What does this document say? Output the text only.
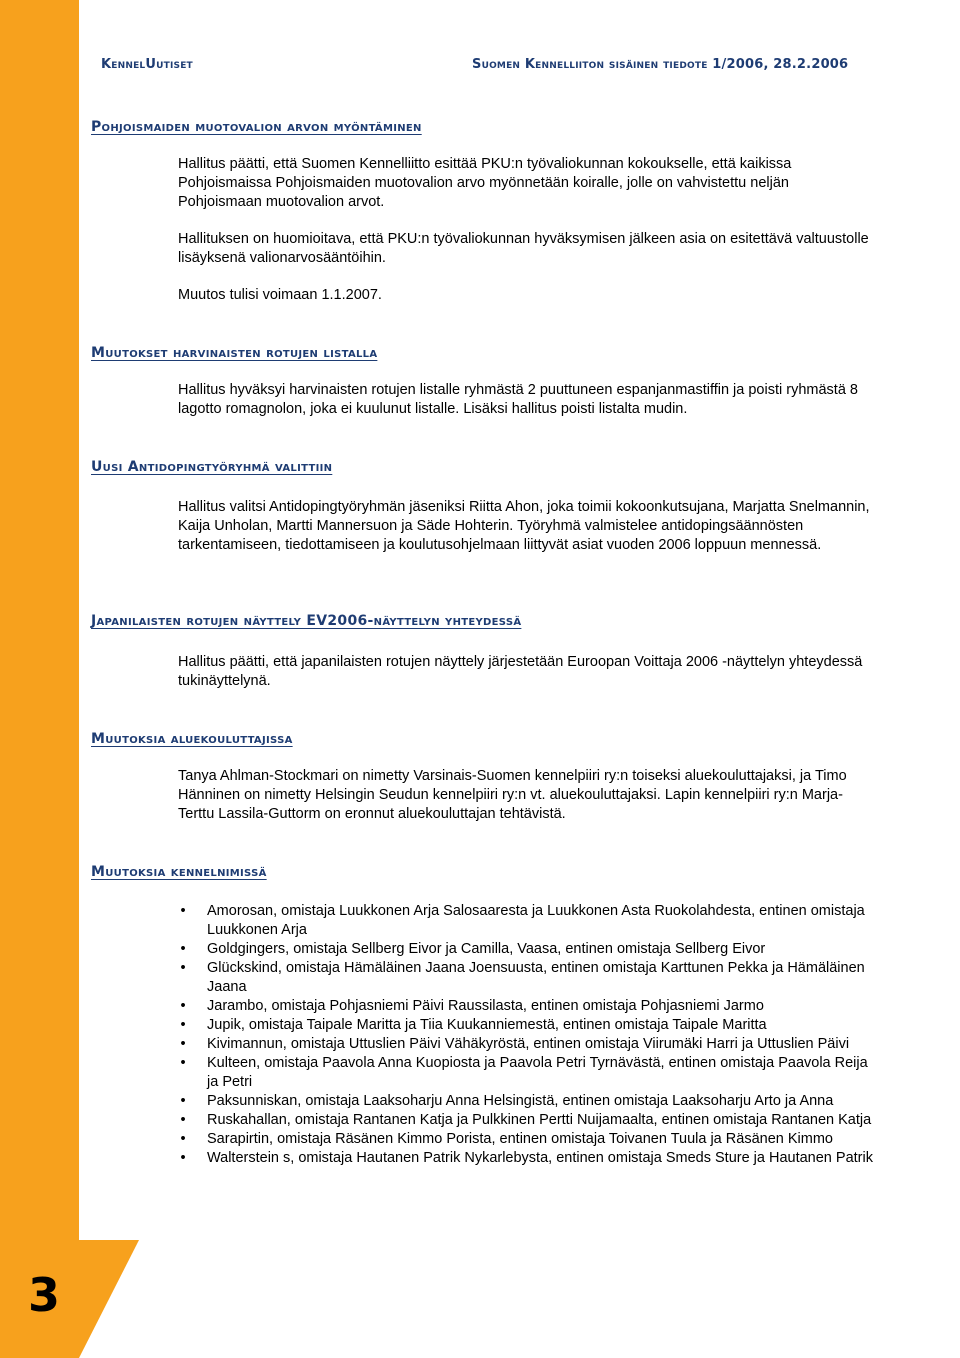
3
KennelUutiset	Suomen Kennelliiton sisäinen tiedote 1/2006, 28.2.2006
Pohjoismaiden muotovalion arvon myöntäminen

Hallitus päätti, että Suomen Kennelliitto esittää PKU:n työvaliokunnan kokoukselle, että kaikissa Pohjoismaissa Pohjoismaiden muotovalion arvo myönnetään koiralle, jolle on vahvistettu neljän Pohjoismaan muotovalion arvot.

Hallituksen on huomioitava, että PKU:n työvaliokunnan hyväksymisen jälkeen asia on esitettävä valtuustolle lisäyksenä valionarvosääntöihin.

Muutos tulisi voimaan 1.1.2007.

Muutokset harvinaisten rotujen listalla

Hallitus hyväksyi harvinaisten rotujen listalle ryhmästä 2 puuttuneen espanjanmastiffin ja poisti ryhmästä 8 lagotto romagnolon, joka ei kuulunut listalle. Lisäksi hallitus poisti listalta mudin.

Uusi Antidopingtyöryhmä valittiin

Hallitus valitsi Antidopingtyöryhmän jäseniksi Riitta Ahon, joka toimii kokoonkutsujana, Marjatta Snelmannin, Kaija Unholan, Martti Mannersuon ja Säde Hohterin. Työryhmä valmistelee antidopingsäännösten tarkentamiseen, tiedottamiseen ja koulutusohjelmaan liittyvät asiat vuoden 2006 loppuun mennessä.

Japanilaisten rotujen näyttely EV2006-näyttelyn yhteydessä

Hallitus päätti, että japanilaisten rotujen näyttely järjestetään Euroopan Voittaja 2006 -näyttelyn yhteydessä tukinäyttelynä.

Muutoksia aluekouluttajissa

Tanya Ahlman-Stockmari on nimetty Varsinais-Suomen kennelpiiri ry:n toiseksi aluekouluttajaksi, ja Timo Hänninen on nimetty Helsingin Seudun kennelpiiri ry:n vt. aluekouluttajaksi. Lapin kennelpiiri ry:n Marja-Terttu Lassila-Guttorm on eronnut aluekouluttajan tehtävistä.

Muutoksia kennelnimissä
• Amorosan, omistaja Luukkonen Arja Salosaaresta ja Luukkonen Asta Ruokolahdesta, entinen omistaja Luukkonen Arja
• Goldgingers, omistaja Sellberg Eivor ja Camilla, Vaasa, entinen omistaja Sellberg Eivor
• Glückskind, omistaja Hämäläinen Jaana Joensuusta, entinen omistaja Karttunen Pekka ja Hämäläinen Jaana
• Jarambo, omistaja Pohjasniemi Päivi Raussilasta, entinen omistaja Pohjasniemi Jarmo
• Jupik, omistaja Taipale Maritta ja Tiia Kuukanniemestä, entinen omistaja Taipale Maritta
• Kivimannun, omistaja Uttuslien Päivi Vähäkyröstä, entinen omistaja Viirumäki Harri ja Uttuslien Päivi
• Kulteen, omistaja Paavola Anna Kuopiosta ja Paavola Petri Tyrnävästä, entinen omistaja Paavola Reija ja Petri
• Paksunniskan, omistaja Laaksoharju Anna Helsingistä, entinen omistaja Laaksoharju Arto ja Anna
• Ruskahallan, omistaja Rantanen Katja ja Pulkkinen Pertti Nuijamaalta, entinen omistaja Rantanen Katja
• Sarapirtin, omistaja Räsänen Kimmo Porista, entinen omistaja Toivanen Tuula ja Räsänen Kimmo
• Walterstein s, omistaja Hautanen Patrik Nykarlebysta, entinen omistaja Smeds Sture ja Hautanen Patrik
